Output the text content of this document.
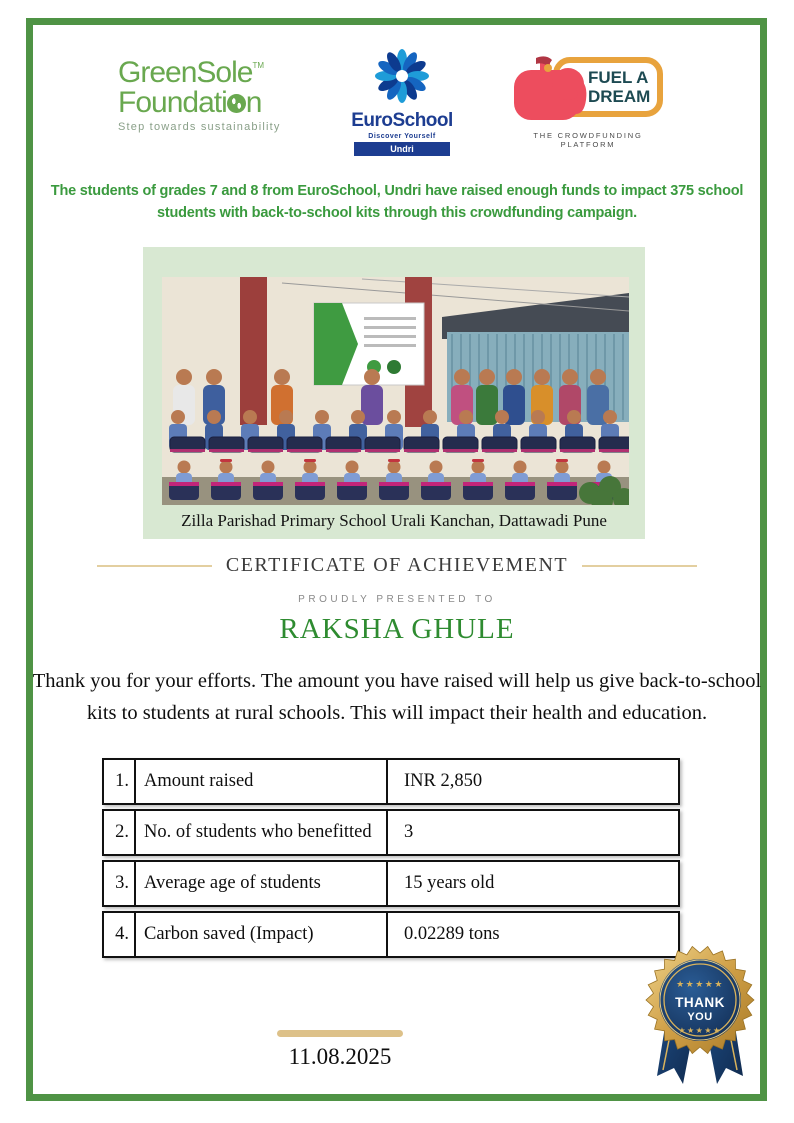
GreenSole™
Foundati n
Step towards sustainability	EuroSchool
Discover Yourself
Undri
FUEL A
DREAM
THE CROWDFUNDING PLATFORM
The students of grades 7 and 8 from EuroSchool, Undri have raised enough funds to impact 375 school students with back-to-school kits through this crowdfunding campaign.
Zilla Parishad Primary School Urali Kanchan, Dattawadi Pune
CERTIFICATE OF ACHIEVEMENT
PROUDLY PRESENTED TO
RAKSHA GHULE
Thank you for your efforts. The amount you have raised will help us give back-to-school kits to students at rural schools. This will impact their health and education.
1. Amount raised	INR 2,850
2. No. of students who benefitted	3
3. Average age of students	15 years old
4. Carbon saved (Impact)	0.02289 tons
11.08.2025
★★★★★
THANK
YOU
★★★★★
